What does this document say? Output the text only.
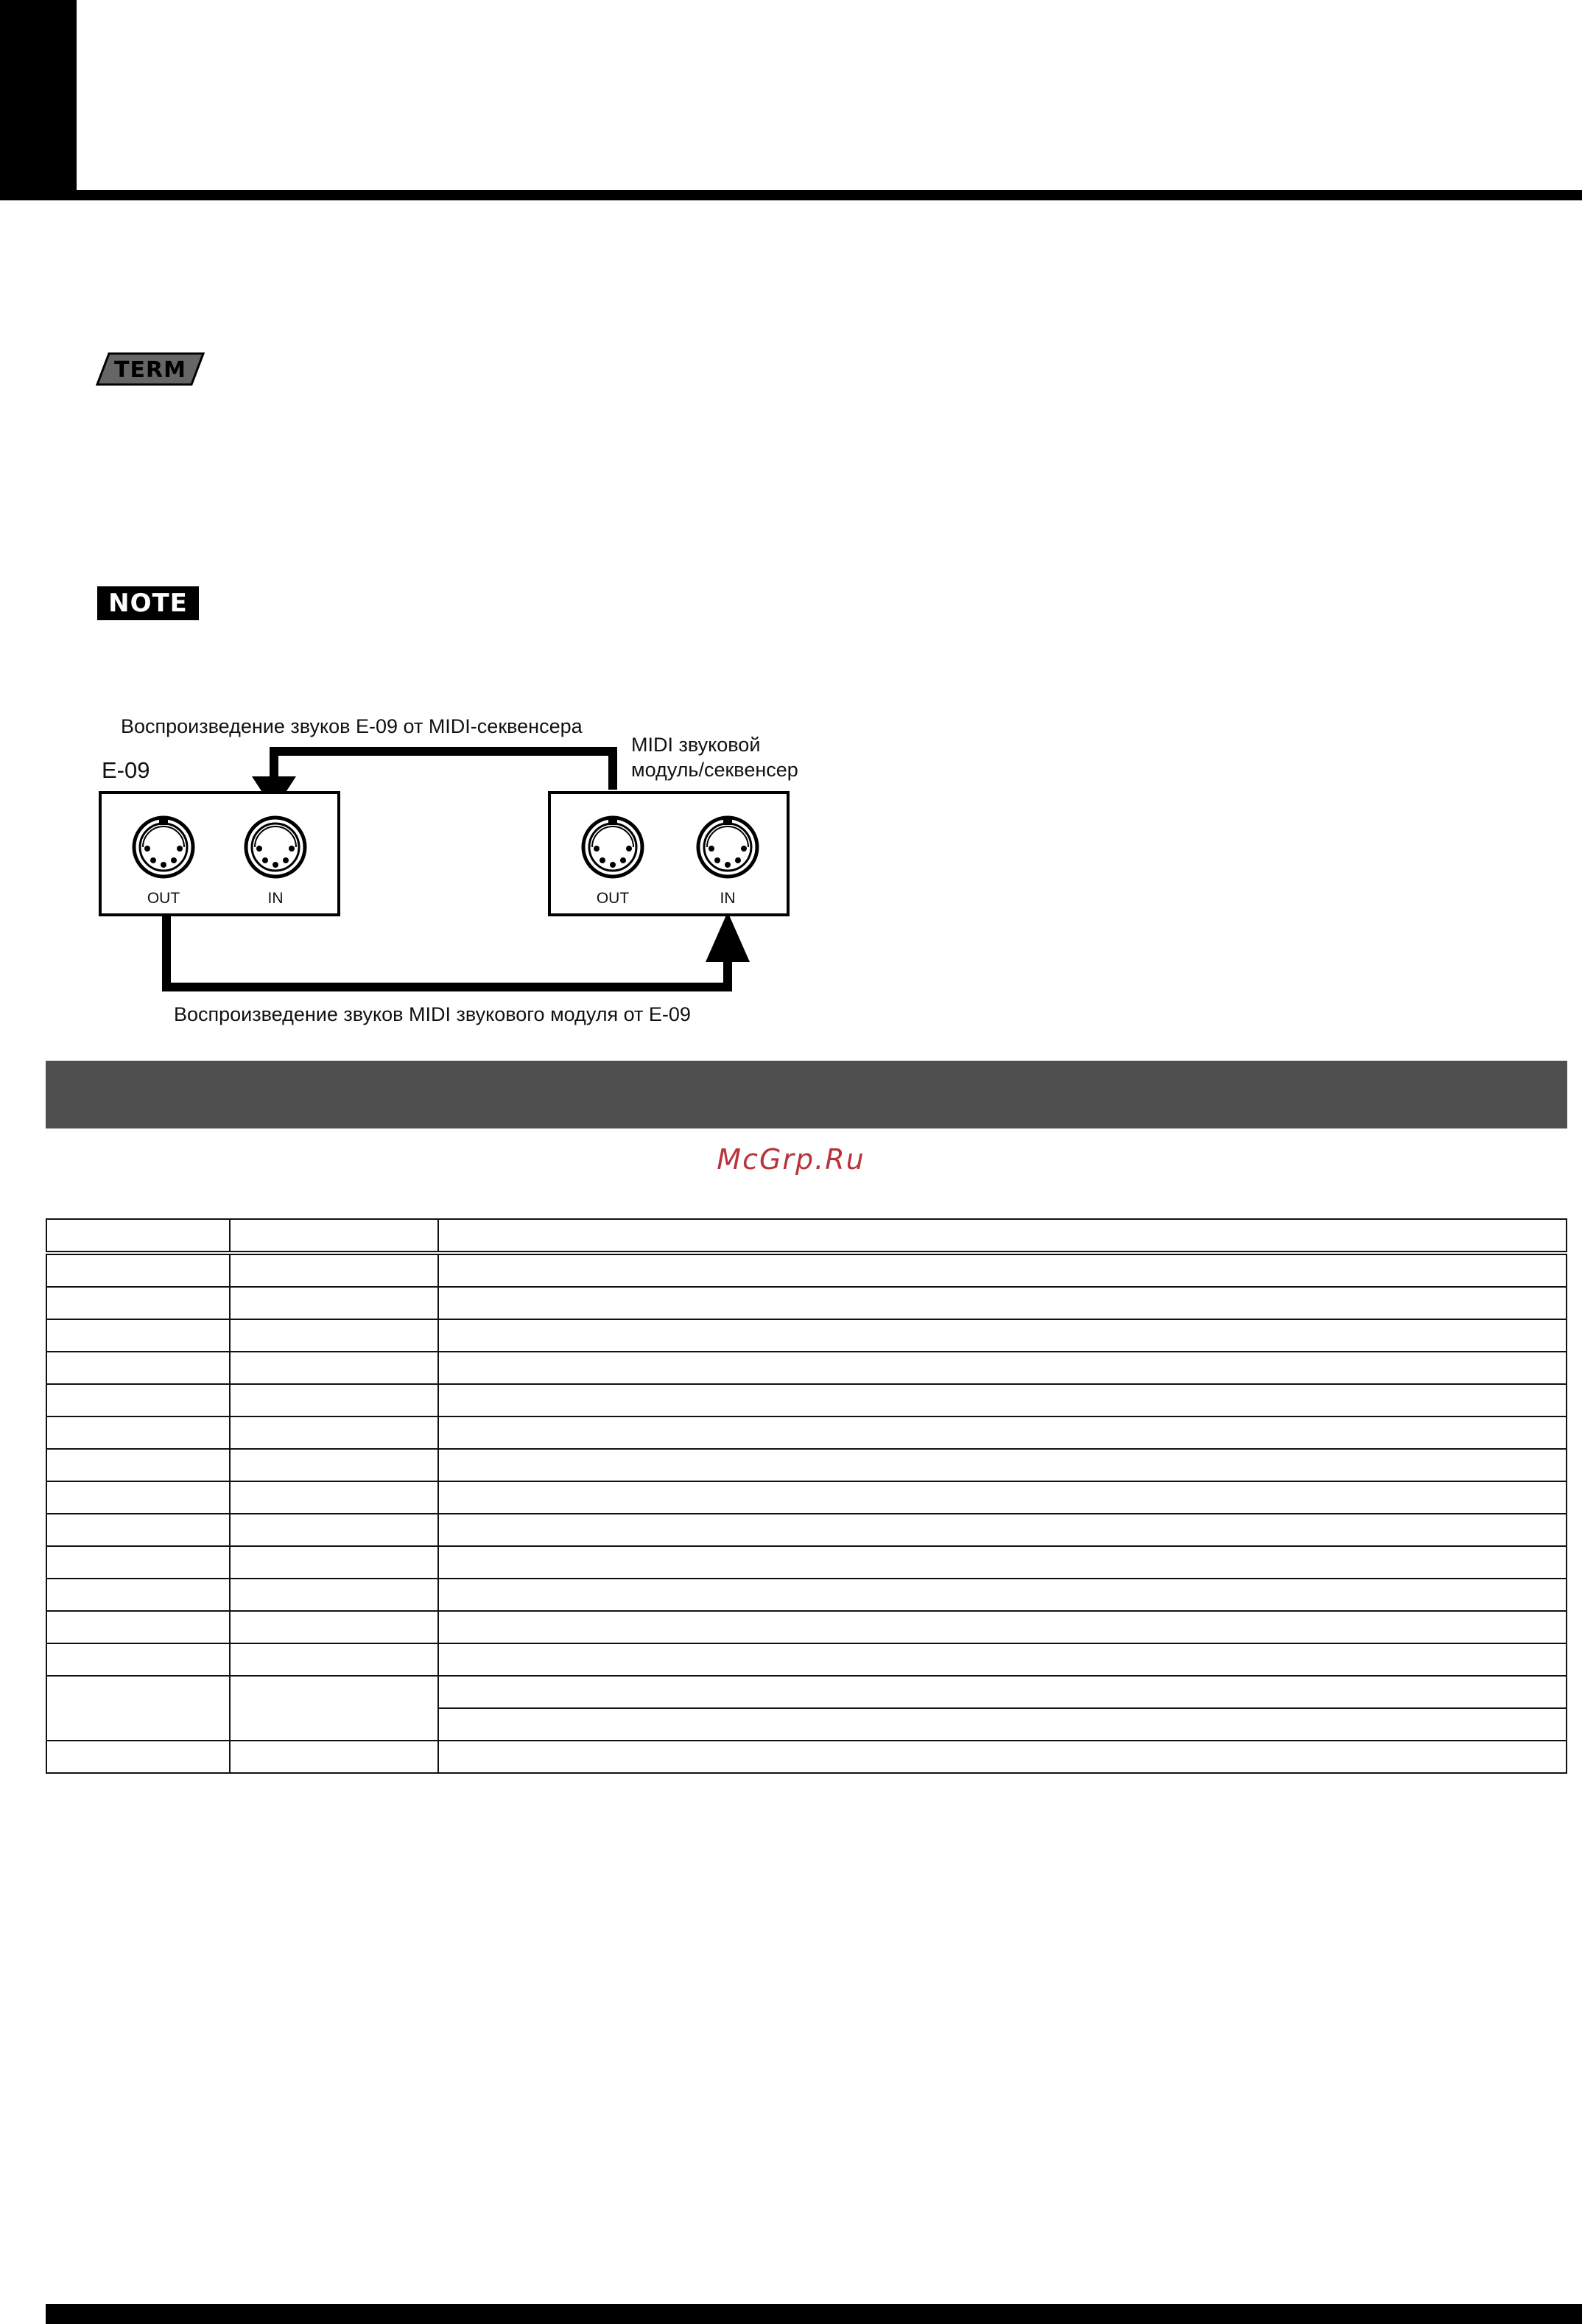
TERM
NOTE
Воспроизведение звуков E-09 от MIDI-секвенсера
MIDI звуковой
модуль/секвенсер
E-09
OUT	IN	OUT	IN
Воспроизведение звуков MIDI звукового модуля от E-09
McGrp.Ru
